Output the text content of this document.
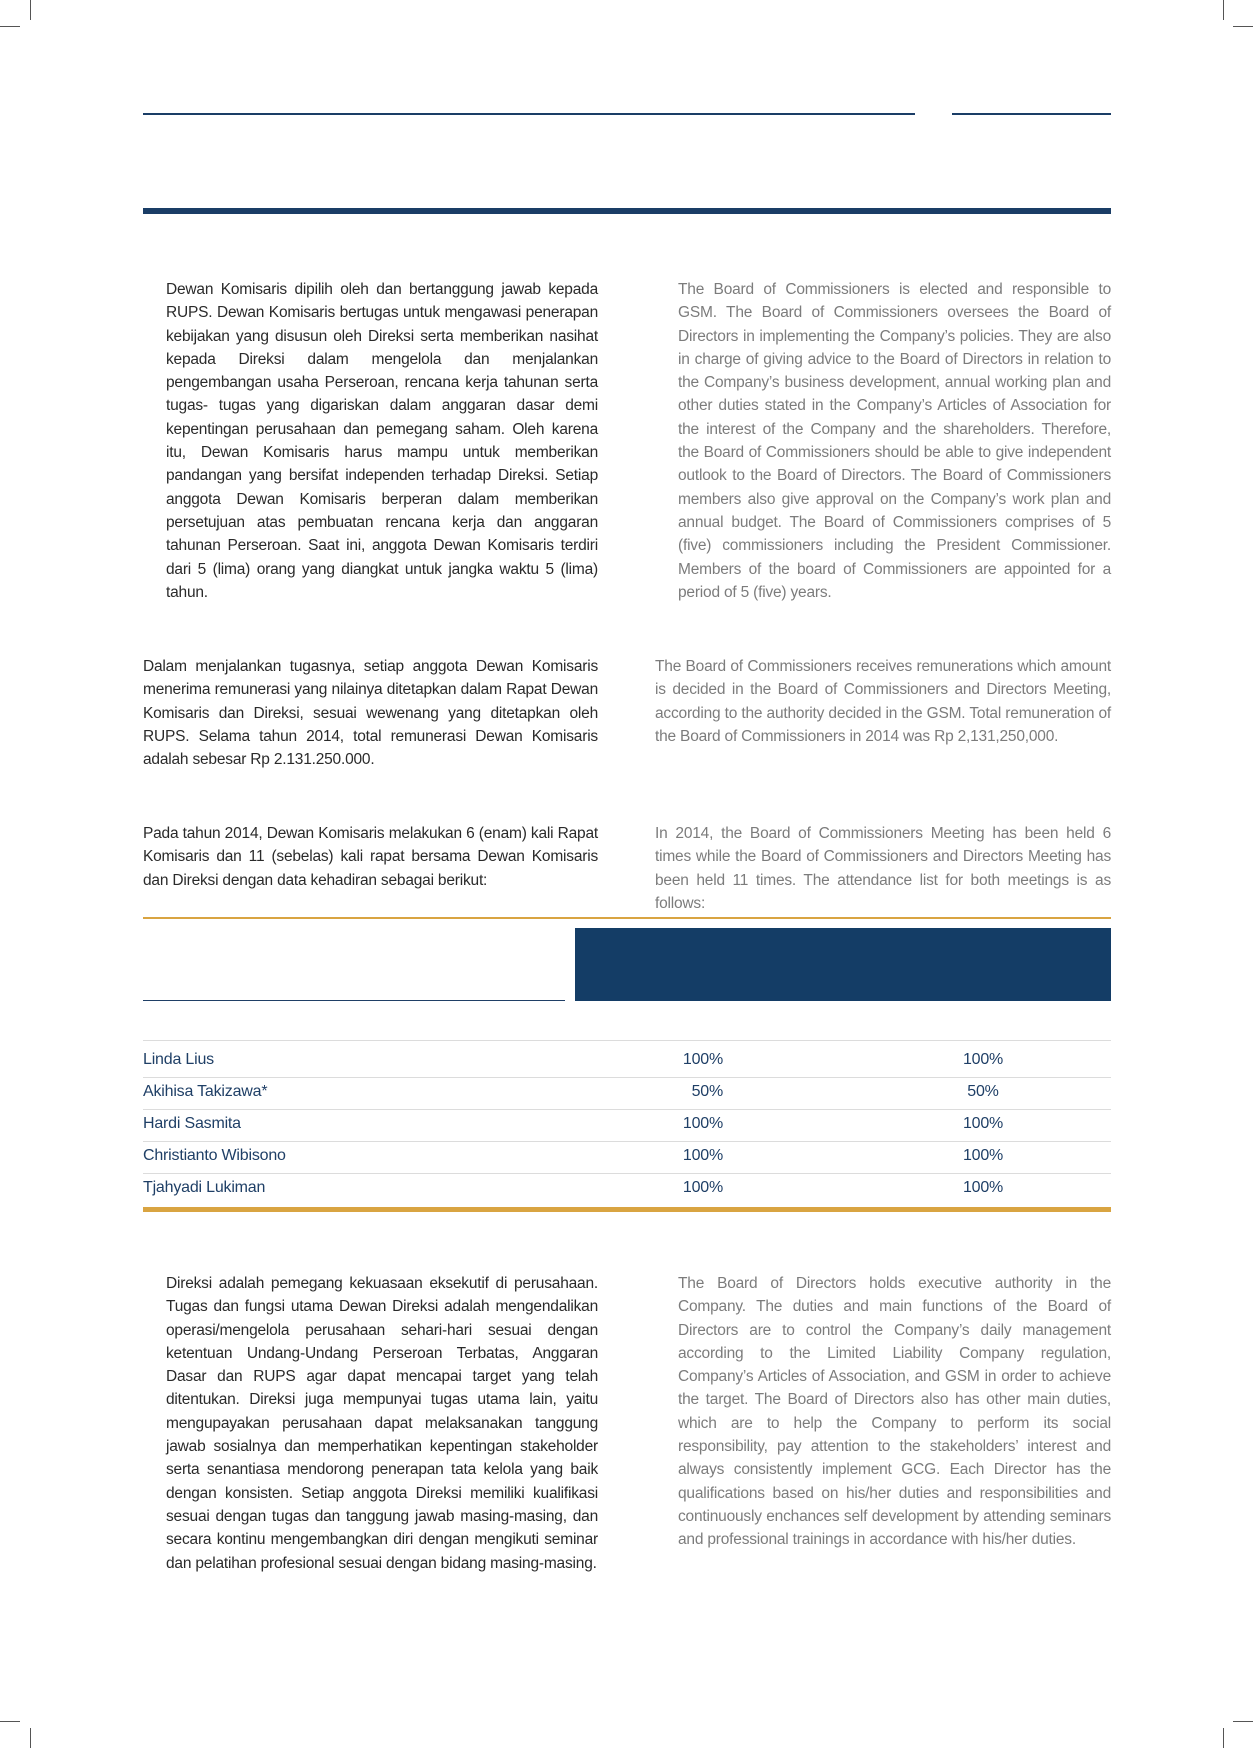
Dewan Komisaris dipilih oleh dan bertanggung jawab kepada RUPS. Dewan Komisaris bertugas untuk mengawasi penerapan kebijakan yang disusun oleh Direksi serta memberikan nasihat kepada Direksi dalam mengelola dan menjalankan pengembangan usaha Perseroan, rencana kerja tahunan serta tugas- tugas yang digariskan dalam anggaran dasar demi kepentingan perusahaan dan pemegang saham. Oleh karena itu, Dewan Komisaris harus mampu untuk memberikan pandangan yang bersifat independen terhadap Direksi. Setiap anggota Dewan Komisaris berperan dalam memberikan persetujuan atas pembuatan rencana kerja dan anggaran tahunan Perseroan. Saat ini, anggota Dewan Komisaris terdiri dari 5 (lima) orang yang diangkat untuk jangka waktu 5 (lima) tahun.

The Board of Commissioners is elected and responsible to GSM. The Board of Commissioners oversees the Board of Directors in implementing the Company’s policies. They are also in charge of giving advice to the Board of Directors in relation to the Company’s business development, annual working plan and other duties stated in the Company’s Articles of Association for the interest of the Company and the shareholders. Therefore, the Board of Commissioners should be able to give independent outlook to the Board of Directors. The Board of Commissioners members also give approval on the Company’s work plan and annual budget. The Board of Commissioners comprises of 5 (five) commissioners including the President Commissioner. Members of the board of Commissioners are appointed for a period of 5 (five) years.

Dalam menjalankan tugasnya, setiap anggota Dewan Komisaris menerima remunerasi yang nilainya ditetapkan dalam Rapat Dewan Komisaris dan Direksi, sesuai wewenang yang ditetapkan oleh RUPS. Selama tahun 2014, total remunerasi Dewan Komisaris adalah sebesar Rp 2.131.250.000.

The Board of Commissioners receives remunerations which amount is decided in the Board of Commissioners and Directors Meeting, according to the authority decided in the GSM. Total remuneration of the Board of Commissioners in 2014 was Rp 2,131,250,000.

Pada tahun 2014, Dewan Komisaris melakukan 6 (enam) kali Rapat Komisaris dan 11 (sebelas) kali rapat bersama Dewan Komisaris dan Direksi dengan data kehadiran sebagai berikut:

In 2014, the Board of Commissioners Meeting has been held 6 times while the Board of Commissioners and Directors Meeting has been held 11 times. The attendance list for both meetings is as follows:

Linda Lius	100%	100%
Akihisa Takizawa*	50%	50%
Hardi Sasmita	100%	100%
Christianto Wibisono	100%	100%
Tjahyadi Lukiman	100%	100%

Direksi adalah pemegang kekuasaan eksekutif di perusahaan. Tugas dan fungsi utama Dewan Direksi adalah mengendalikan operasi/mengelola perusahaan sehari-hari sesuai dengan ketentuan Undang-Undang Perseroan Terbatas, Anggaran Dasar dan RUPS agar dapat mencapai target yang telah ditentukan. Direksi juga mempunyai tugas utama lain, yaitu mengupayakan perusahaan dapat melaksanakan tanggung jawab sosialnya dan memperhatikan kepentingan stakeholder serta senantiasa mendorong penerapan tata kelola yang baik dengan konsisten. Setiap anggota Direksi memiliki kualifikasi sesuai dengan tugas dan tanggung jawab masing-masing, dan secara kontinu mengembangkan diri dengan mengikuti seminar dan pelatihan profesional sesuai dengan bidang masing-masing.

The Board of Directors holds executive authority in the Company. The duties and main functions of the Board of Directors are to control the Company’s daily management according to the Limited Liability Company regulation, Company’s Articles of Association, and GSM in order to achieve the target. The Board of Directors also has other main duties, which are to help the Company to perform its social responsibility, pay attention to the stakeholders’ interest and always consistently implement GCG. Each Director has the qualifications based on his/her duties and responsibilities and continuously enchances self development by attending seminars and professional trainings in accordance with his/her duties.
